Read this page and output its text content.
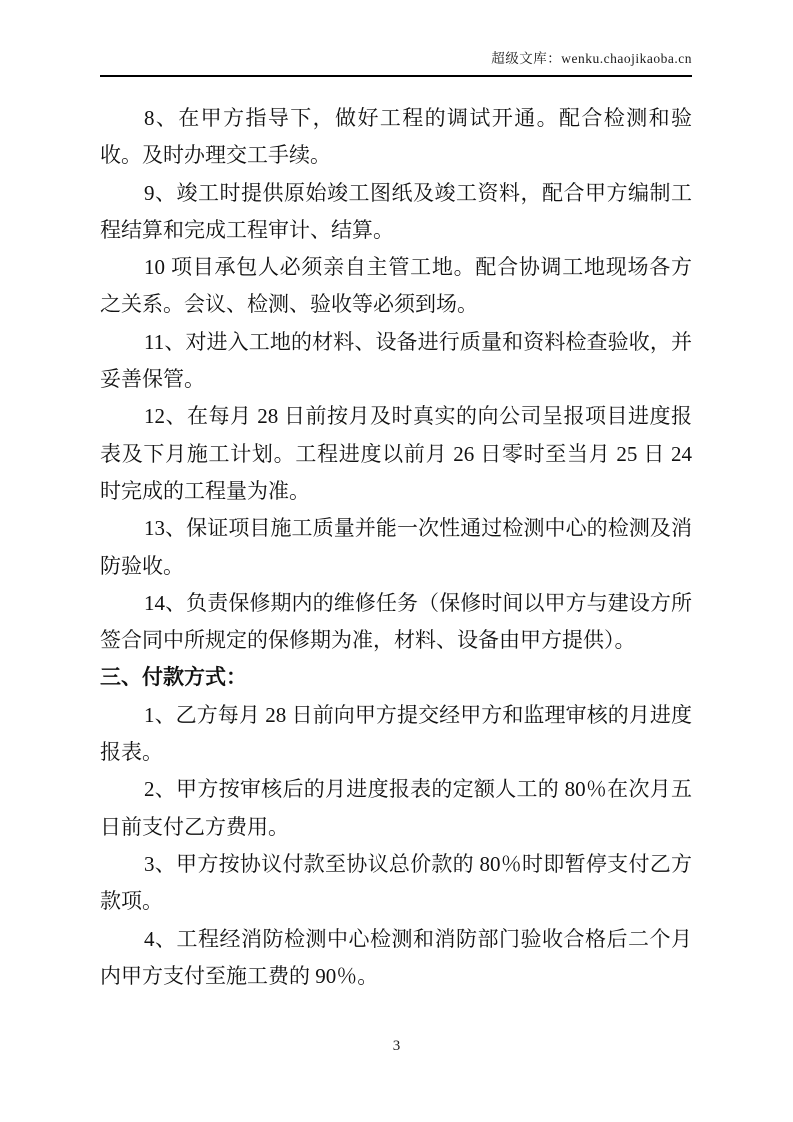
超级文库：wenku.chaojikaoba.cn

8、在甲方指导下，做好工程的调试开通。配合检测和验收。及时办理交工手续。

9、竣工时提供原始竣工图纸及竣工资料，配合甲方编制工程结算和完成工程审计、结算。

10 项目承包人必须亲自主管工地。配合协调工地现场各方之关系。会议、检测、验收等必须到场。

11、对进入工地的材料、设备进行质量和资料检查验收，并妥善保管。

12、在每月 28 日前按月及时真实的向公司呈报项目进度报表及下月施工计划。工程进度以前月 26 日零时至当月 25 日 24 时完成的工程量为准。

13、保证项目施工质量并能一次性通过检测中心的检测及消防验收。

14、负责保修期内的维修任务（保修时间以甲方与建设方所签合同中所规定的保修期为准，材料、设备由甲方提供）。

三、付款方式：

1、乙方每月 28 日前向甲方提交经甲方和监理审核的月进度报表。

2、甲方按审核后的月进度报表的定额人工的 80％在次月五日前支付乙方费用。

3、甲方按协议付款至协议总价款的 80％时即暂停支付乙方款项。

4、工程经消防检测中心检测和消防部门验收合格后二个月内甲方支付至施工费的 90％。

3
